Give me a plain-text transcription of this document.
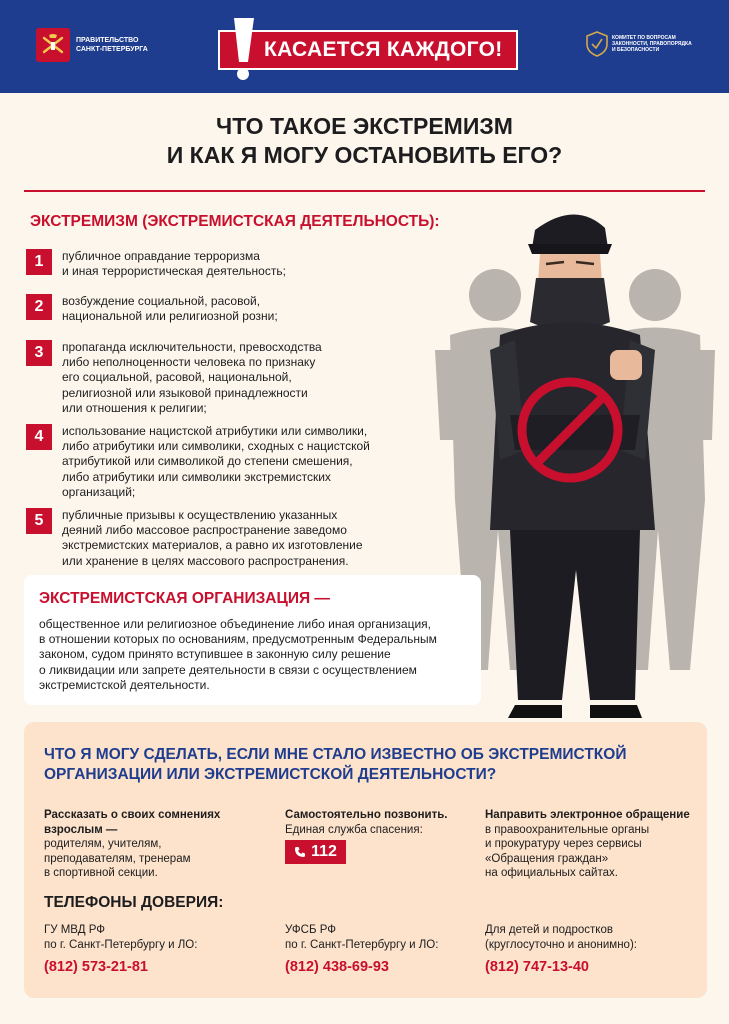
ПРАВИТЕЛЬСТВО САНКТ-ПЕТЕРБУРГА	КАСАЕТСЯ КАЖДОГО!	КОМИТЕТ ПО ВОПРОСАМ ЗАКОННОСТИ, ПРАВОПОРЯДКА И БЕЗОПАСНОСТИ
ЧТО ТАКОЕ ЭКСТРЕМИЗМ
И КАК Я МОГУ ОСТАНОВИТЬ ЕГО?
ЭКСТРЕМИЗМ (ЭКСТРЕМИСТСКАЯ ДЕЯТЕЛЬНОСТЬ):
1	публичное оправдание терроризма
и иная террористическая деятельность;
2	возбуждение социальной, расовой,
национальной или религиозной розни;
3	пропаганда исключительности, превосходства
либо неполноценности человека по признаку
его социальной, расовой, национальной,
религиозной или языковой принадлежности
или отношения к религии;
4	использование нацистской атрибутики или символики,
либо атрибутики или символики, сходных с нацистской
атрибутикой или символикой до степени смешения,
либо атрибутики или символики экстремистских
организаций;
5	публичные призывы к осуществлению указанных
деяний либо массовое распространение заведомо
экстремистских материалов, а равно их изготовление
или хранение в целях массового распространения.
ЭКСТРЕМИСТСКАЯ ОРГАНИЗАЦИЯ —
общественное или религиозное объединение либо иная организация,
в отношении которых по основаниям, предусмотренным Федеральным
законом, судом принято вступившее в законную силу решение
о ликвидации или запрете деятельности в связи с осуществлением
экстремистской деятельности.
ЧТО Я МОГУ СДЕЛАТЬ, ЕСЛИ МНЕ СТАЛО ИЗВЕСТНО ОБ ЭКСТРЕМИСТКОЙ
ОРГАНИЗАЦИИ ИЛИ ЭКСТРЕМИСТСКОЙ ДЕЯТЕЛЬНОСТИ?
Рассказать о своих сомнениях
взрослым —
родителям, учителям,
преподавателям, тренерам
в спортивной секции.
Самостоятельно позвонить.
Единая служба спасения:
112
Направить электронное обращение
в правоохранительные органы
и прокуратуру через сервисы
«Обращения граждан»
на официальных сайтах.
ТЕЛЕФОНЫ ДОВЕРИЯ:
ГУ МВД РФ
по г. Санкт-Петербургу и ЛО:
(812) 573-21-81
УФСБ РФ
по г. Санкт-Петербургу и ЛО:
(812) 438-69-93
Для детей и подростков
(круглосуточно и анонимно):
(812) 747-13-40
